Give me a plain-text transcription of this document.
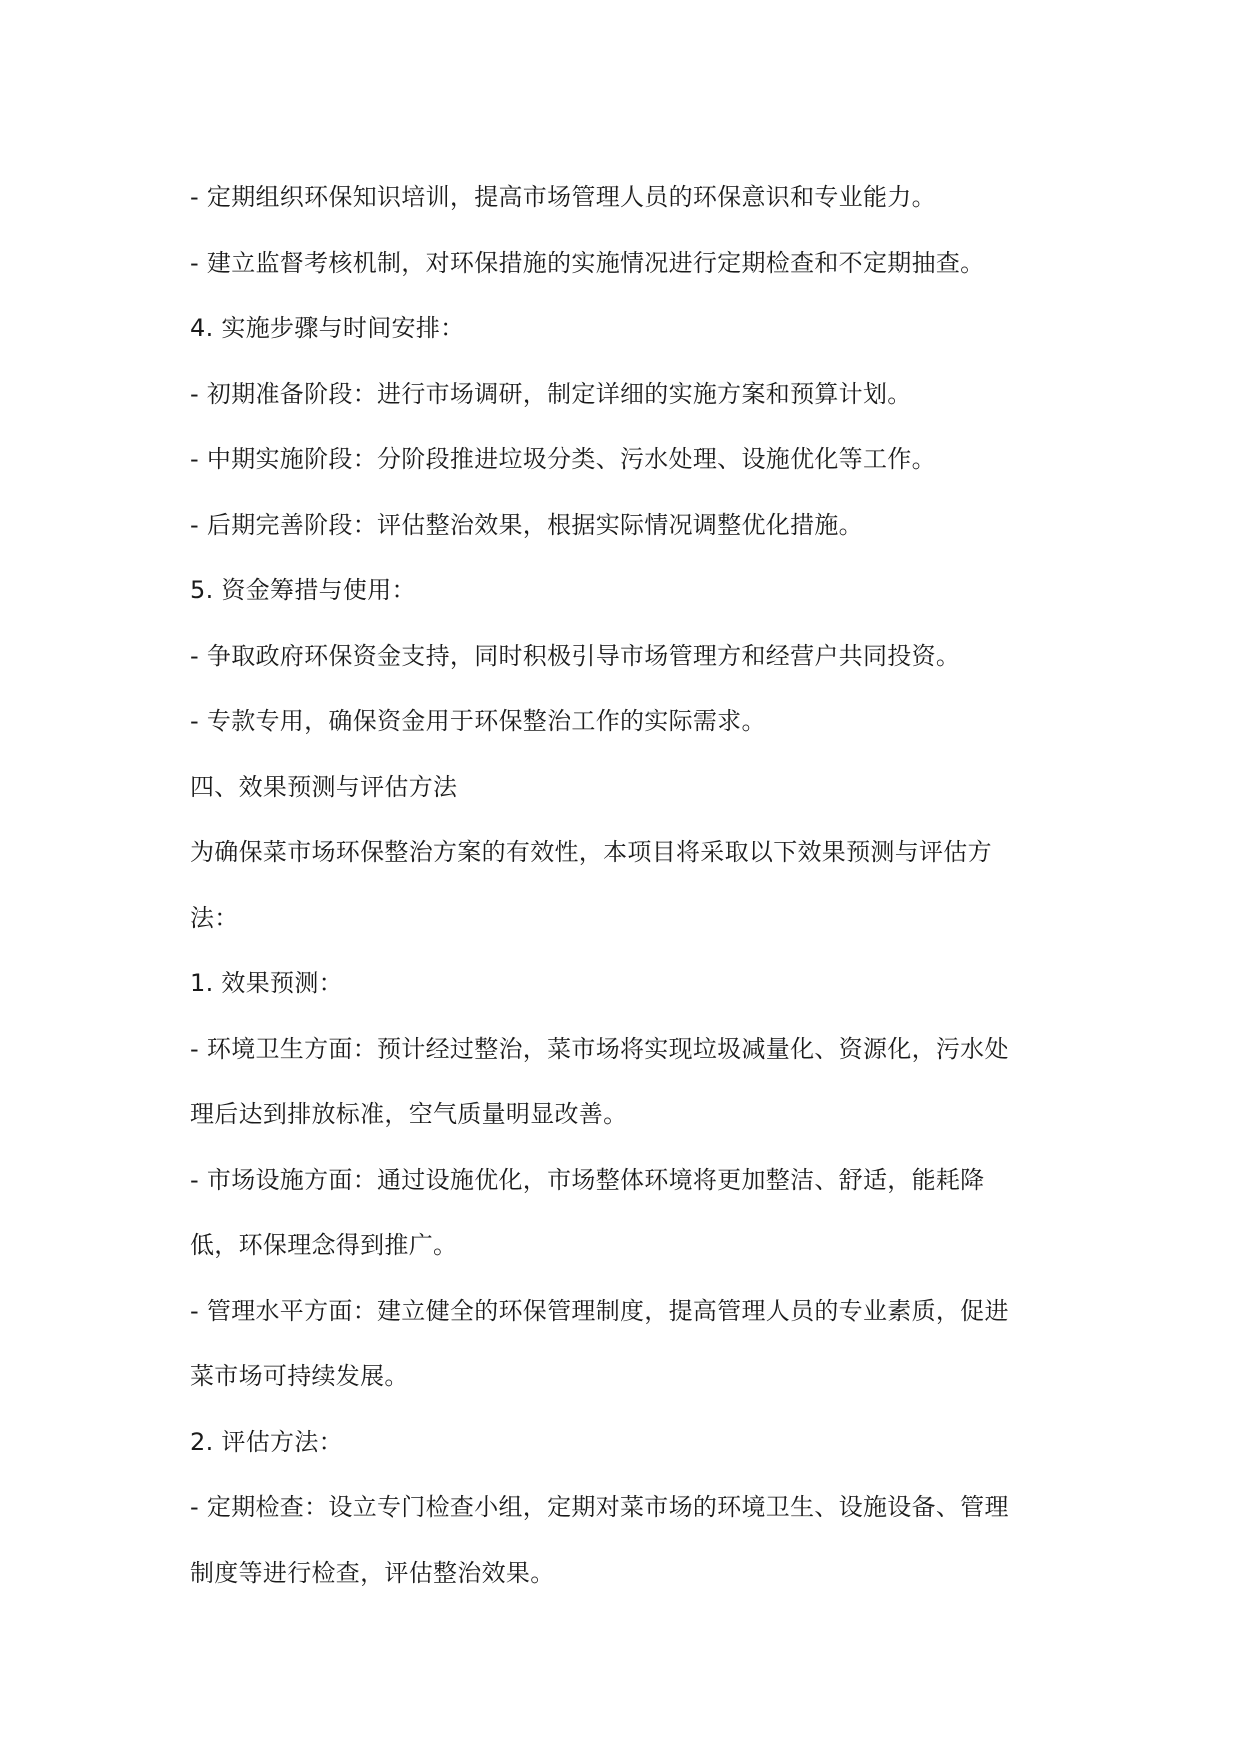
- 定期组织环保知识培训，提高市场管理人员的环保意识和专业能力。

- 建立监督考核机制，对环保措施的实施情况进行定期检查和不定期抽查。

4. 实施步骤与时间安排：

- 初期准备阶段：进行市场调研，制定详细的实施方案和预算计划。

- 中期实施阶段：分阶段推进垃圾分类、污水处理、设施优化等工作。

- 后期完善阶段：评估整治效果，根据实际情况调整优化措施。

5. 资金筹措与使用：

- 争取政府环保资金支持，同时积极引导市场管理方和经营户共同投资。

- 专款专用，确保资金用于环保整治工作的实际需求。

四、效果预测与评估方法

为确保菜市场环保整治方案的有效性，本项目将采取以下效果预测与评估方

法：

1. 效果预测：

- 环境卫生方面：预计经过整治，菜市场将实现垃圾减量化、资源化，污水处

理后达到排放标准，空气质量明显改善。

- 市场设施方面：通过设施优化，市场整体环境将更加整洁、舒适，能耗降

低，环保理念得到推广。

- 管理水平方面：建立健全的环保管理制度，提高管理人员的专业素质，促进

菜市场可持续发展。

2. 评估方法：

- 定期检查：设立专门检查小组，定期对菜市场的环境卫生、设施设备、管理

制度等进行检查，评估整治效果。
